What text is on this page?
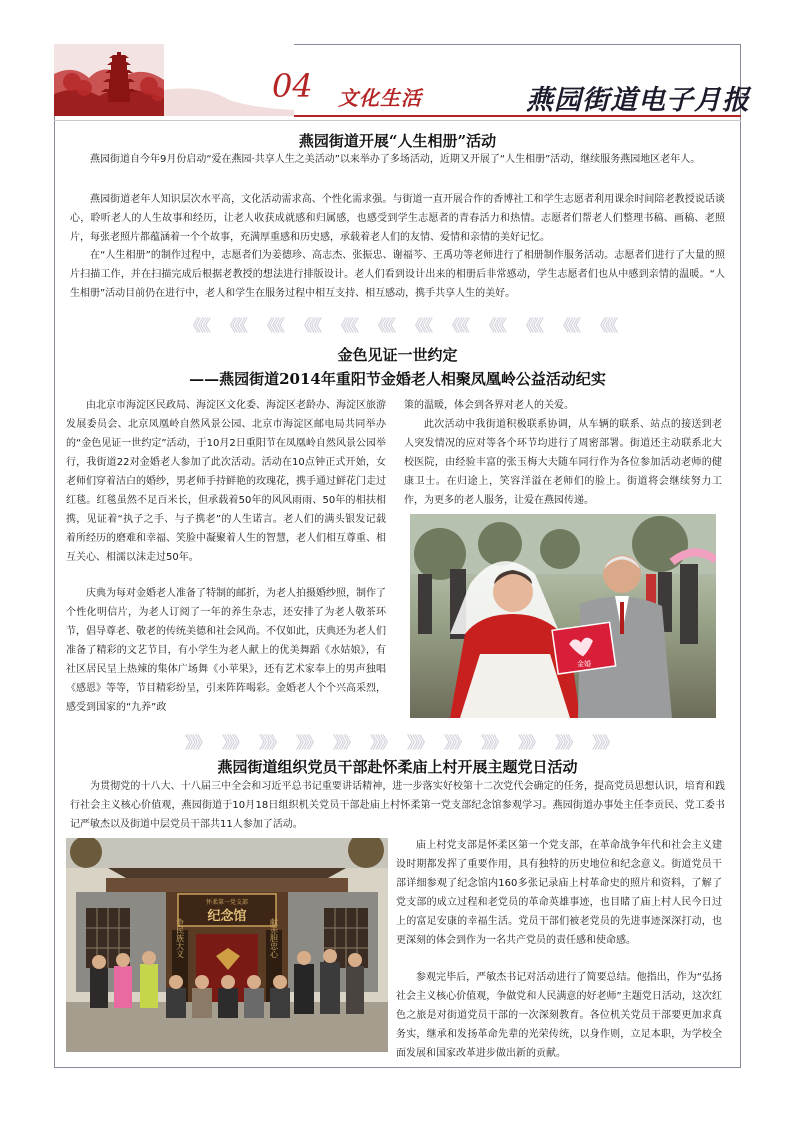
04 文化生活	燕园街道电子月报
燕园街道开展“人生相册”活动

燕园街道自今年9月份启动“爱在燕园·共享人生之美活动”以来举办了多场活动，近期又开展了“人生相册”活动，继续服务燕园地区老年人。

燕园街道老年人知识层次水平高，文化活动需求高、个性化需求强。与街道一直开展合作的香博社工和学生志愿者利用课余时间陪老教授说话谈心，聆听老人的人生故事和经历，让老人收获成就感和归属感，也感受到学生志愿者的青春活力和热情。志愿者们帮老人们整理书稿、画稿、老照片，每张老照片都蕴涵着一个个故事，充满厚重感和历史感，承载着老人们的友情、爱情和亲情的美好记忆。

在“人生相册”的制作过程中，志愿者们为姜德珍、高志杰、张振忠、谢福芩、王禹功等老师进行了相册制作服务活动。志愿者们进行了大量的照片扫描工作，并在扫描完成后根据老教授的想法进行排版设计。老人们看到设计出来的相册后非常感动，学生志愿者们也从中感到亲情的温暖。“人生相册”活动目前仍在进行中，老人和学生在服务过程中相互支持、相互感动，携手共享人生的美好。

《《《 《《《 《《《 《《《 《《《 《《《 《《《 《《《 《《《 《《《 《《《 《《《
金色见证一世约定
——燕园街道2014年重阳节金婚老人相聚凤凰岭公益活动纪实

由北京市海淀区民政局、海淀区文化委、海淀区老龄办、海淀区旅游发展委员会、北京凤凰岭自然风景公园、北京市海淀区邮电局共同举办的“金色见证一世约定”活动，于10月2日重阳节在凤凰岭自然风景公园举行，我街道22对金婚老人参加了此次活动。活动在10点钟正式开始，女老师们穿着洁白的婚纱，男老师手持鲜艳的玫瑰花，携手通过鲜花门走过红毯。红毯虽然不足百米长，但承载着50年的风风雨雨、50年的相扶相携，见证着“执子之手、与子携老”的人生诺言。老人们的满头银发记载着所经历的磨难和幸福、笑脸中凝聚着人生的智慧，老人们相互尊重、相互关心、相濡以沫走过50年。

庆典为每对金婚老人准备了特制的邮折，为老人拍摄婚纱照，制作了个性化明信片，为老人订阅了一年的养生杂志，还安排了为老人敬茶环节，倡导尊老、敬老的传统美德和社会风尚。不仅如此，庆典还为老人们准备了精彩的文艺节目，有小学生为老人献上的优美舞蹈《水姑娘》，有社区居民呈上热辣的集体广场舞《小苹果》，还有艺术家奉上的男声独唱《感恩》等等，节目精彩纷呈，引来阵阵喝彩。金婚老人个个兴高采烈，感受到国家的“九养”政

策的温暖，体会到各界对老人的关爱。

此次活动中我街道积极联系协调，从车辆的联系、站点的接送到老人突发情况的应对等各个环节均进行了周密部署。街道还主动联系北大校医院，由经验丰富的张玉梅大夫随车同行作为各位参加活动老师的健康卫士。在归途上，笑容洋溢在老师们的脸上。街道将会继续努力工作，为更多的老人服务，让爱在燕园传递。

金婚
》》》 》》》 》》》 》》》 》》》 》》》 》》》 》》》 》》》 》》》 》》》 》》》
燕园街道组织党员干部赴怀柔庙上村开展主题党日活动

为贯彻党的十八大、十八届三中全会和习近平总书记重要讲话精神，进一步落实好校第十二次党代会确定的任务，提高党员思想认识，培育和践行社会主义核心价值观，燕园街道于10月18日组织机关党员干部赴庙上村怀柔第一党支部纪念馆参观学习。燕园街道办事处主任李贡民、党工委书记严敏杰以及街道中层党员干部共11人参加了活动。

怀柔第一党支部
纪念馆
争民族大义	献赤胆忠心

庙上村党支部是怀柔区第一个党支部，在革命战争年代和社会主义建设时期都发挥了重要作用，具有独特的历史地位和纪念意义。街道党员干部详细参观了纪念馆内160多张记录庙上村革命史的照片和资料，了解了党支部的成立过程和老党员的革命英雄事迹，也目睹了庙上村人民今日过上的富足安康的幸福生活。党员干部们被老党员的先进事迹深深打动，也更深刻的体会到作为一名共产党员的责任感和使命感。

参观完毕后，严敏杰书记对活动进行了简要总结。他指出，作为“弘扬社会主义核心价值观，争做党和人民满意的好老师”主题党日活动，这次红色之旅是对街道党员干部的一次深刻教育。各位机关党员干部要更加求真务实，继承和发扬革命先辈的光荣传统，以身作则，立足本职，为学校全面发展和国家改革进步做出新的贡献。
